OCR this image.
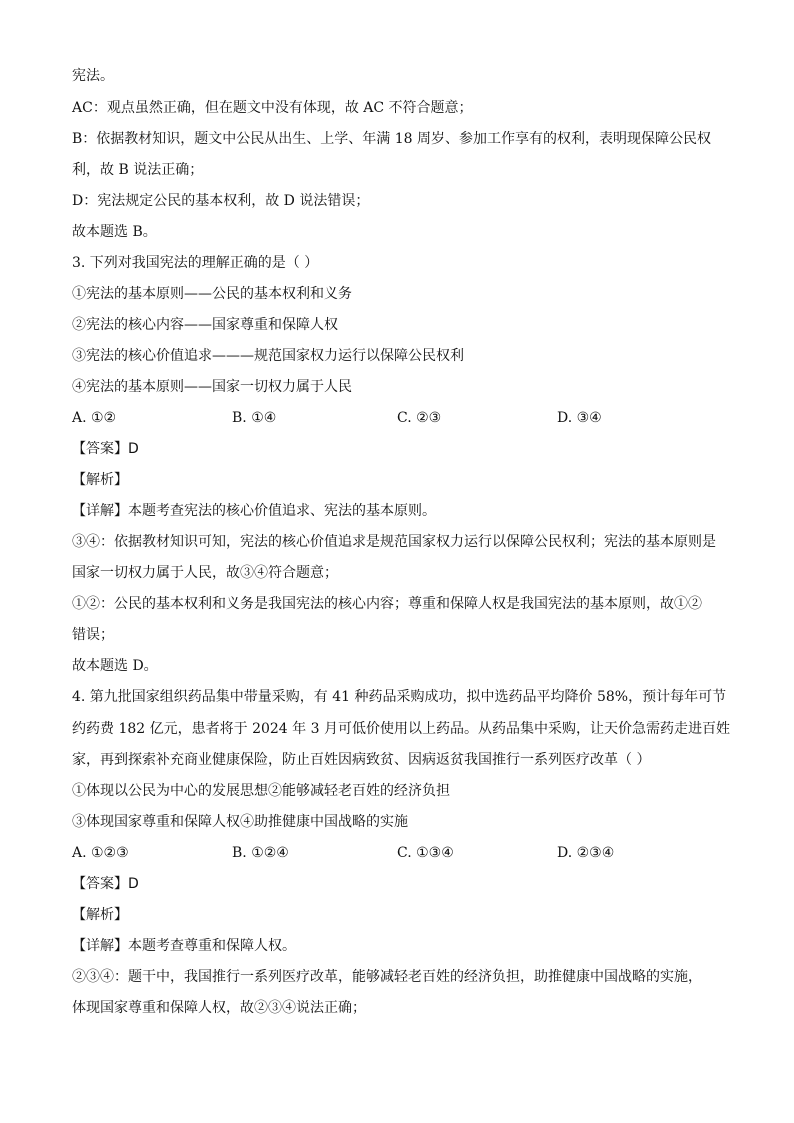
宪法。
AC：观点虽然正确，但在题文中没有体现，故 AC 不符合题意；
B：依据教材知识，题文中公民从出生、上学、年满 18 周岁、参加工作享有的权利，表明现保障公民权
利，故 B 说法正确；
D：宪法规定公民的基本权利，故 D 说法错误；
故本题选 B。
3. 下列对我国宪法的理解正确的是（ ）
①宪法的基本原则——公民的基本权利和义务
②宪法的核心内容——国家尊重和保障人权
③宪法的核心价值追求———规范国家权力运行以保障公民权利
④宪法的基本原则——国家一切权力属于人民
A. ①②	B. ①④	C. ②③	D. ③④
【答案】D
【解析】
【详解】本题考查宪法的核心价值追求、宪法的基本原则。
③④：依据教材知识可知，宪法的核心价值追求是规范国家权力运行以保障公民权利；宪法的基本原则是
国家一切权力属于人民，故③④符合题意；
①②：公民的基本权利和义务是我国宪法的核心内容；尊重和保障人权是我国宪法的基本原则，故①②
错误；
故本题选 D。
4. 第九批国家组织药品集中带量采购，有 41 种药品采购成功，拟中选药品平均降价 58%，预计每年可节
约药费 182 亿元，患者将于 2024 年 3 月可低价使用以上药品。从药品集中采购，让天价急需药走进百姓
家，再到探索补充商业健康保险，防止百姓因病致贫、因病返贫我国推行一系列医疗改革（ ）
①体现以公民为中心的发展思想②能够减轻老百姓的经济负担
③体现国家尊重和保障人权④助推健康中国战略的实施
A. ①②③	B. ①②④	C. ①③④	D. ②③④
【答案】D
【解析】
【详解】本题考查尊重和保障人权。
②③④：题干中，我国推行一系列医疗改革，能够减轻老百姓的经济负担，助推健康中国战略的实施，
体现国家尊重和保障人权，故②③④说法正确；
